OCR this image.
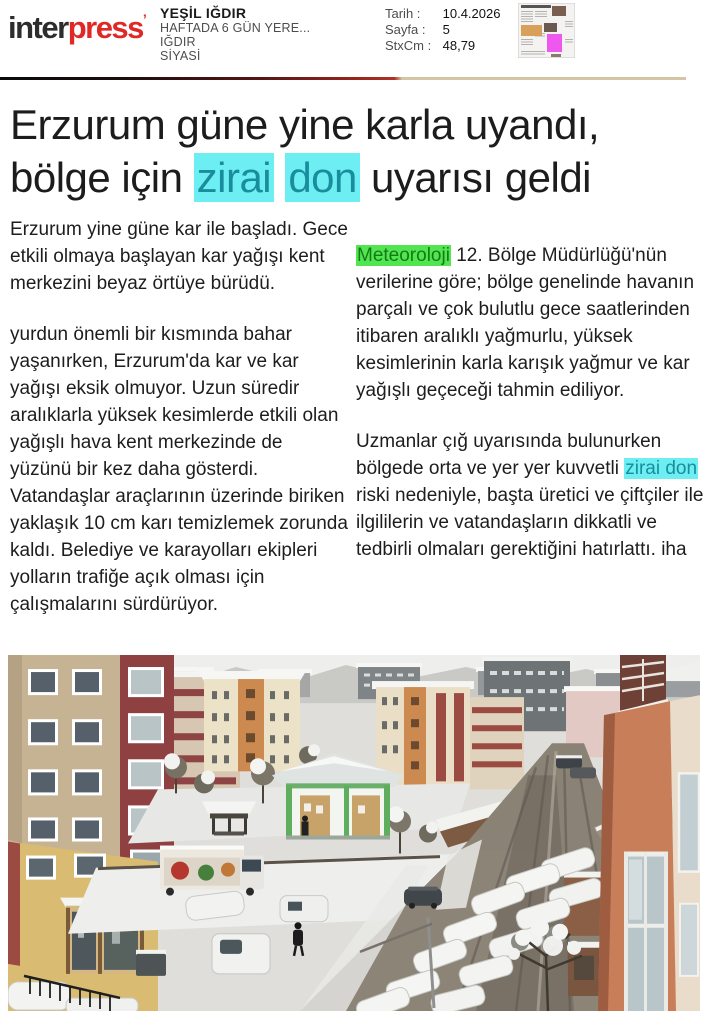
interpress’ YEŞİL IĞDIR
HAFTADA 6 GÜN YERE...
IĞDIR
SİYASİ
Tarih : 10.4.2026
Sayfa : 5
StxCm : 48,79
Erzurum güne yine karla uyandı,
bölge için zirai don uyarısı geldi

Erzurum yine güne kar ile başladı. Gece etkili olmaya başlayan kar yağışı kent merkezini beyaz örtüye bürüdü.

yurdun önemli bir kısmında bahar yaşanırken, Erzurum'da kar ve kar yağışı eksik olmuyor. Uzun süredir aralıklarla yüksek kesimlerde etkili olan yağışlı hava kent merkezinde de yüzünü bir kez daha gösterdi. Vatandaşlar araçlarının üzerinde biriken yaklaşık 10 cm karı temizlemek zorunda kaldı. Belediye ve karayolları ekipleri yolların trafiğe açık olması için çalışmalarını sürdürüyor.

Meteoroloji 12. Bölge Müdürlüğü'nün verilerine göre; bölge genelinde havanın parçalı ve çok bulutlu gece saatlerinden itibaren aralıklı yağmurlu, yüksek kesimlerinin karla karışık yağmur ve kar yağışlı geçeceği tahmin ediliyor.

Uzmanlar çığ uyarısında bulunurken bölgede orta ve yer yer kuvvetli zirai don riski nedeniyle, başta üretici ve çiftçiler ile ilgililerin ve vatandaşların dikkatli ve tedbirli olmaları gerektiğini hatırlattı. iha
